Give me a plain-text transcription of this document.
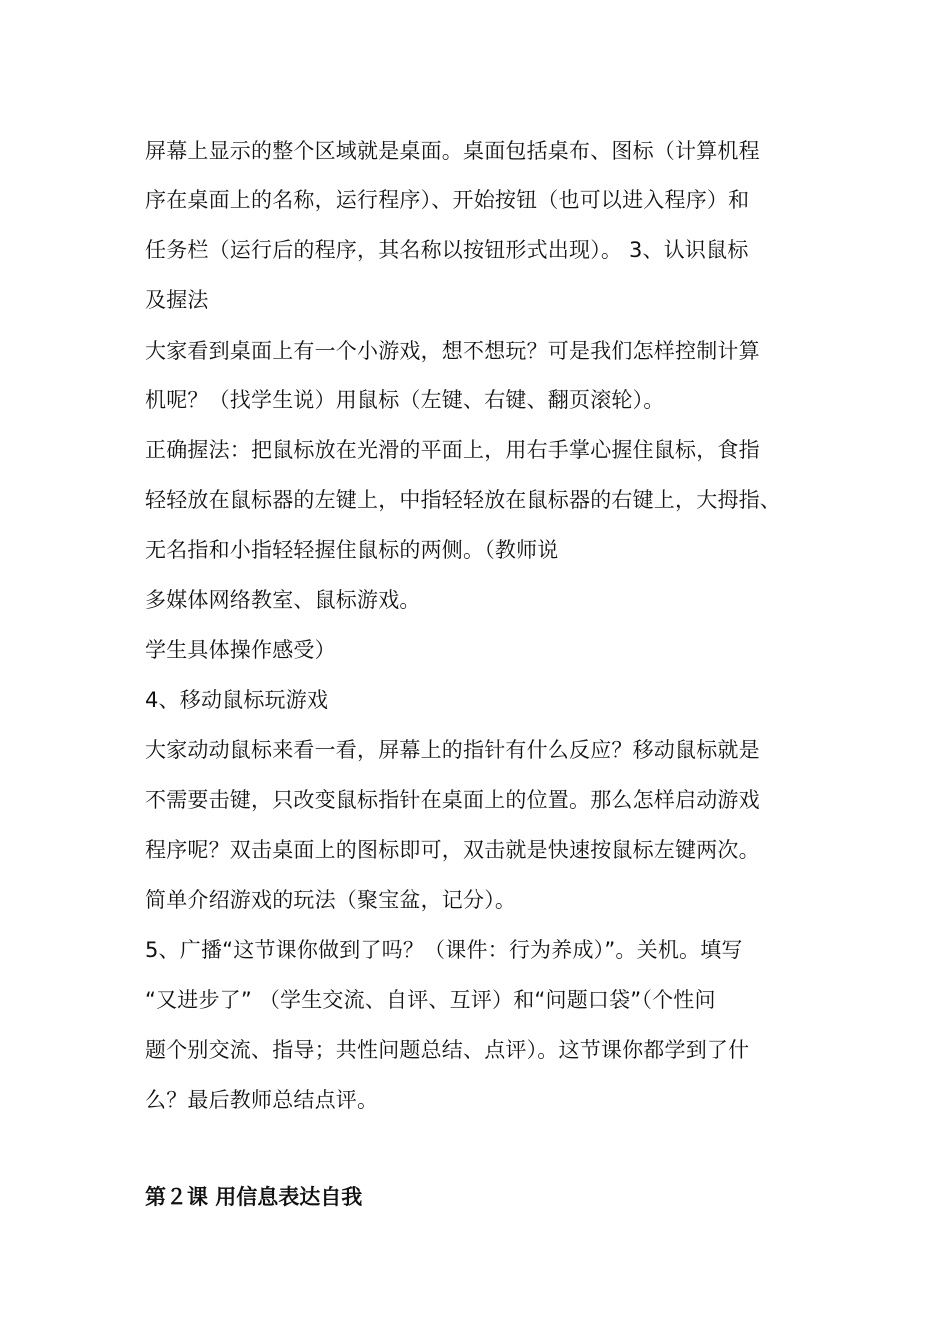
屏幕上显示的整个区域就是桌面。桌面包括桌布、图标（计算机程
序在桌面上的名称，运行程序）、开始按钮（也可以进入程序）和
任务栏（运行后的程序，其名称以按钮形式出现）。 3、认识鼠标
及握法
大家看到桌面上有一个小游戏，想不想玩？可是我们怎样控制计算
机呢？（找学生说）用鼠标（左键、右键、翻页滚轮）。
正确握法：把鼠标放在光滑的平面上，用右手掌心握住鼠标，食指
轻轻放在鼠标器的左键上，中指轻轻放在鼠标器的右键上，大拇指、
无名指和小指轻轻握住鼠标的两侧。（教师说
多媒体网络教室、鼠标游戏。
学生具体操作感受）
4、移动鼠标玩游戏
大家动动鼠标来看一看，屏幕上的指针有什么反应？移动鼠标就是
不需要击键，只改变鼠标指针在桌面上的位置。那么怎样启动游戏
程序呢？双击桌面上的图标即可，双击就是快速按鼠标左键两次。
简单介绍游戏的玩法（聚宝盆，记分）。
5、广播“这节课你做到了吗？（课件：行为养成）”。关机。填写
“又进步了” （学生交流、自评、互评）和“问题口袋”（个性问
题个别交流、指导；共性问题总结、点评）。这节课你都学到了什
么？最后教师总结点评。
第２课 用信息表达自我
